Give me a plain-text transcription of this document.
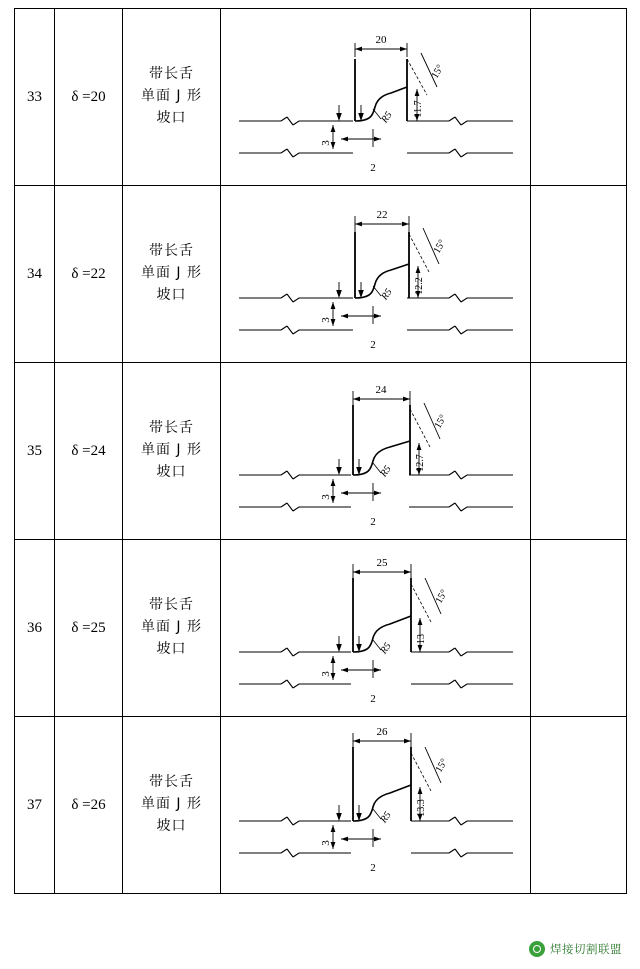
33	δ =20	
带长舌
单面 J 形
坡口

20
2
3
11.7
15°
R5

34	δ =22	
带长舌
单面 J 形
坡口

22
2
3
12.2
15°
R5

35	δ =24	
带长舌
单面 J 形
坡口

24
2
3
12.7
15°
R5

36	δ =25	
带长舌
单面 J 形
坡口

25
2
3
13
15°
R5

37	δ =26	
带长舌
单面 J 形
坡口

26
2
3
13.3
15°
R5

焊接切割联盟
